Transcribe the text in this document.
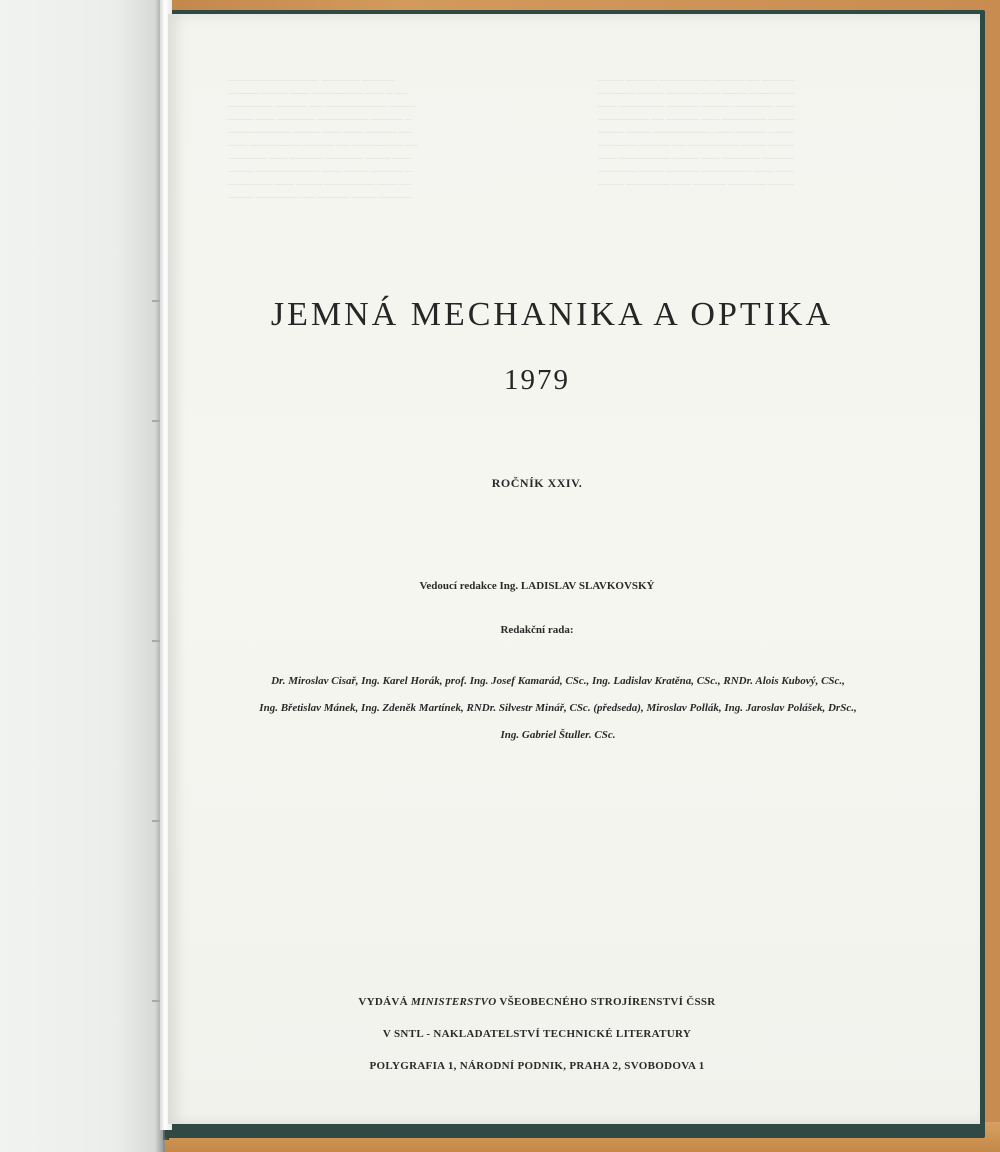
──────────────  ────── ─────
───── ──── ─── ──────── ─── ─ ──
─────── ───── ── ────────── ────
──── ─── ────── ──────── ───── ─
────────── ──── ─── ─── ───── ──
─── ──────── ───── ── ──────── ──
────── ─── ───── ────── ──── ───
──── ────────── ─── ──── ───── ─
─────── ─── ──── ──────── ─── ──
──── ─────── ── ───── ──── ─────
──── ───── ──────── ───── ── ─────
────── ──── ───── ─── ──── ───────
─── ─────── ───── ───── ────── ───
──────── ── ───── ─── ─────── ────
──── ──── ───────── ─── ───── ────
────── ───── ── ──────── ──── ────
─── ──────── ──── ─── ────── ─────
────── ──── ───── ──────── ─── ───
──── ─────── ─── ───── ────── ────
JEMNÁ MECHANIKA A OPTIKA
1979
ROČNÍK XXIV.
Vedoucí redakce Ing. LADISLAV SLAVKOVSKÝ
Redakční rada:
Dr. Miroslav Cisař, Ing. Karel Horák, prof. Ing. Josef Kamarád, CSc., Ing. Ladislav Kratěna, CSc., RNDr. Alois Kubový, CSc.,
Ing. Břetislav Mánek, Ing. Zdeněk Martínek, RNDr. Silvestr Minář, CSc. (předseda), Miroslav Pollák, Ing. Jaroslav Polášek, DrSc.,
Ing. Gabriel Štuller. CSc.
VYDÁVÁ MINISTERSTVO VŠEOBECNÉHO STROJÍRENSTVÍ ČSSR
V SNTL - NAKLADATELSTVÍ TECHNICKÉ LITERATURY
POLYGRAFIA 1, NÁRODNÍ PODNIK, PRAHA 2, SVOBODOVA 1
